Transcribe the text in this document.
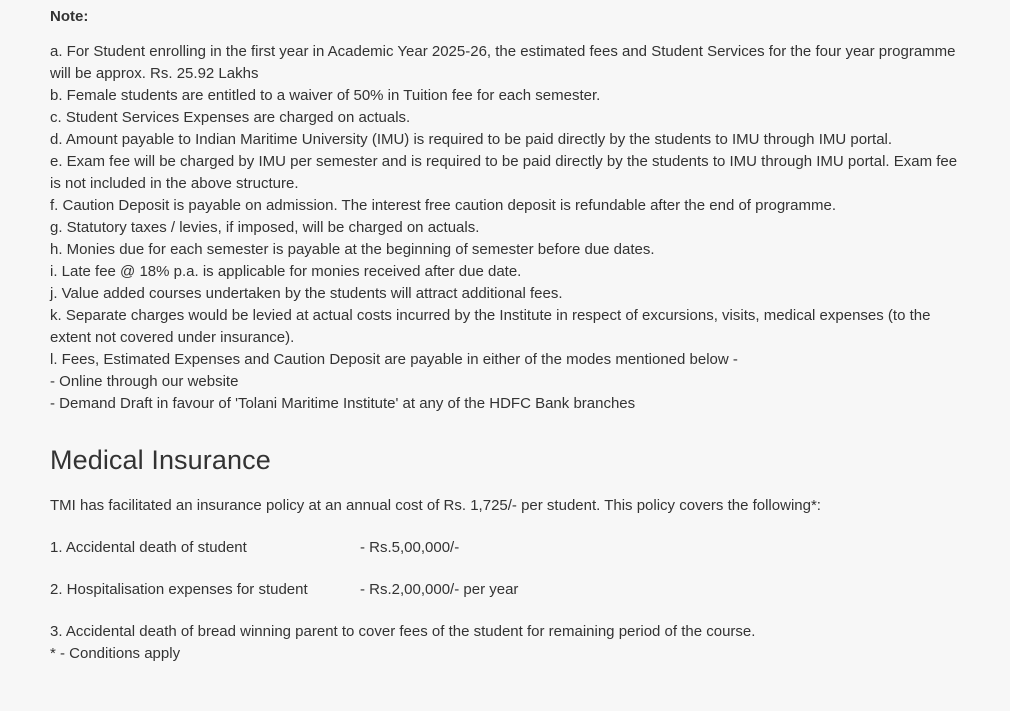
Note:
a. For Student enrolling in the first year in Academic Year 2025-26, the estimated fees and Student Services for the four year programme will be approx. Rs. 25.92 Lakhs
b. Female students are entitled to a waiver of 50% in Tuition fee for each semester.
c. Student Services Expenses are charged on actuals.
d. Amount payable to Indian Maritime University (IMU) is required to be paid directly by the students to IMU through IMU portal.
e. Exam fee will be charged by IMU per semester and is required to be paid directly by the students to IMU through IMU portal. Exam fee is not included in the above structure.
f. Caution Deposit is payable on admission. The interest free caution deposit is refundable after the end of programme.
g. Statutory taxes / levies, if imposed, will be charged on actuals.
h. Monies due for each semester is payable at the beginning of semester before due dates.
i. Late fee @ 18% p.a. is applicable for monies received after due date.
j. Value added courses undertaken by the students will attract additional fees.
k. Separate charges would be levied at actual costs incurred by the Institute in respect of excursions, visits, medical expenses (to the extent not covered under insurance).
l. Fees, Estimated Expenses and Caution Deposit are payable in either of the modes mentioned below -
- Online through our website
- Demand Draft in favour of 'Tolani Maritime Institute' at any of the HDFC Bank branches
Medical Insurance

TMI has facilitated an insurance policy at an annual cost of Rs. 1,725/- per student. This policy covers the following*:

1. Accidental death of student	- Rs.5,00,000/-
2. Hospitalisation expenses for student	- Rs.2,00,000/- per year
3. Accidental death of bread winning parent to cover fees of the student for remaining period of the course.

* - Conditions apply
